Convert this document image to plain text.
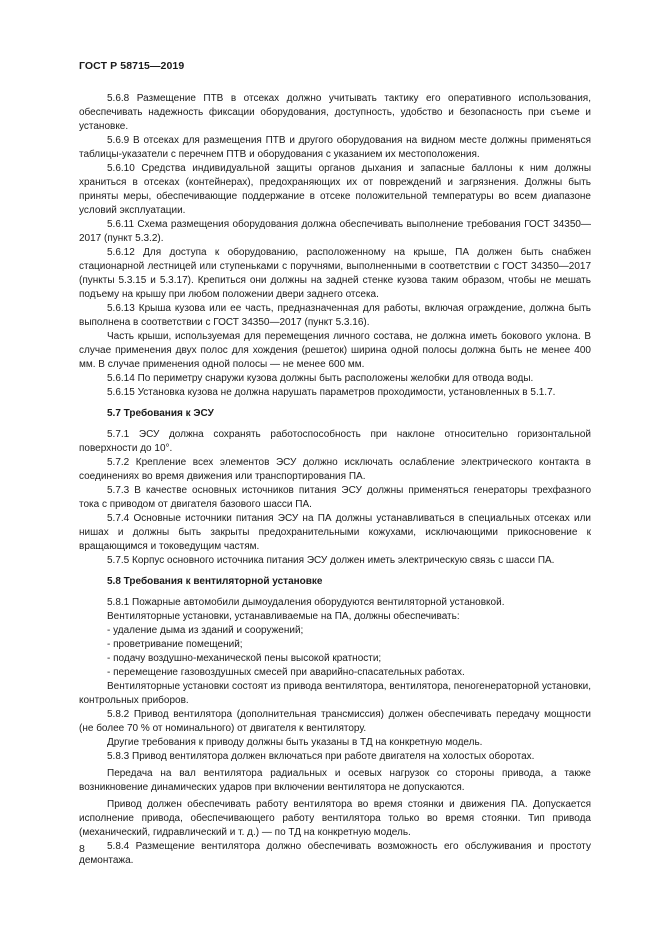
ГОСТ Р 58715—2019

5.6.8 Размещение ПТВ в отсеках должно учитывать тактику его оперативного использования, обеспечивать надежность фиксации оборудования, доступность, удобство и безопасность при съеме и установке.

5.6.9 В отсеках для размещения ПТВ и другого оборудования на видном месте должны применяться таблицы-указатели с перечнем ПТВ и оборудования с указанием их местоположения.

5.6.10 Средства индивидуальной защиты органов дыхания и запасные баллоны к ним должны храниться в отсеках (контейнерах), предохраняющих их от повреждений и загрязнения. Должны быть приняты меры, обеспечивающие поддержание в отсеке положительной температуры во всем диапазоне условий эксплуатации.

5.6.11 Схема размещения оборудования должна обеспечивать выполнение требования ГОСТ 34350—2017 (пункт 5.3.2).

5.6.12 Для доступа к оборудованию, расположенному на крыше, ПА должен быть снабжен стационарной лестницей или ступеньками с поручнями, выполненными в соответствии с ГОСТ 34350—2017 (пункты 5.3.15 и 5.3.17). Крепиться они должны на задней стенке кузова таким образом, чтобы не мешать подъему на крышу при любом положении двери заднего отсека.

5.6.13 Крыша кузова или ее часть, предназначенная для работы, включая ограждение, должна быть выполнена в соответствии с ГОСТ 34350—2017 (пункт 5.3.16).

Часть крыши, используемая для перемещения личного состава, не должна иметь бокового уклона. В случае применения двух полос для хождения (решеток) ширина одной полосы должна быть не менее 400 мм. В случае применения одной полосы — не менее 600 мм.

5.6.14 По периметру снаружи кузова должны быть расположены желобки для отвода воды.

5.6.15 Установка кузова не должна нарушать параметров проходимости, установленных в 5.1.7.

5.7 Требования к ЭСУ

5.7.1 ЭСУ должна сохранять работоспособность при наклоне относительно горизонтальной поверхности до 10°.

5.7.2 Крепление всех элементов ЭСУ должно исключать ослабление электрического контакта в соединениях во время движения или транспортирования ПА.

5.7.3 В качестве основных источников питания ЭСУ должны применяться генераторы трехфазного тока с приводом от двигателя базового шасси ПА.

5.7.4 Основные источники питания ЭСУ на ПА должны устанавливаться в специальных отсеках или нишах и должны быть закрыты предохранительными кожухами, исключающими прикосновение к вращающимся и токоведущим частям.

5.7.5 Корпус основного источника питания ЭСУ должен иметь электрическую связь с шасси ПА.

5.8 Требования к вентиляторной установке

5.8.1 Пожарные автомобили дымоудаления оборудуются вентиляторной установкой.

Вентиляторные установки, устанавливаемые на ПА, должны обеспечивать:

- удаление дыма из зданий и сооружений;

- проветривание помещений;

- подачу воздушно-механической пены высокой кратности;

- перемещение газовоздушных смесей при аварийно-спасательных работах.

Вентиляторные установки состоят из привода вентилятора, вентилятора, пеногенераторной установки, контрольных приборов.

5.8.2 Привод вентилятора (дополнительная трансмиссия) должен обеспечивать передачу мощности (не более 70 % от номинального) от двигателя к вентилятору.

Другие требования к приводу должны быть указаны в ТД на конкретную модель.

5.8.3 Привод вентилятора должен включаться при работе двигателя на холостых оборотах.

Передача на вал вентилятора радиальных и осевых нагрузок со стороны привода, а также возникновение динамических ударов при включении вентилятора не допускаются.

Привод должен обеспечивать работу вентилятора во время стоянки и движения ПА. Допускается исполнение привода, обеспечивающего работу вентилятора только во время стоянки. Тип привода (механический, гидравлический и т. д.) — по ТД на конкретную модель.

5.8.4 Размещение вентилятора должно обеспечивать возможность его обслуживания и простоту демонтажа.

8
